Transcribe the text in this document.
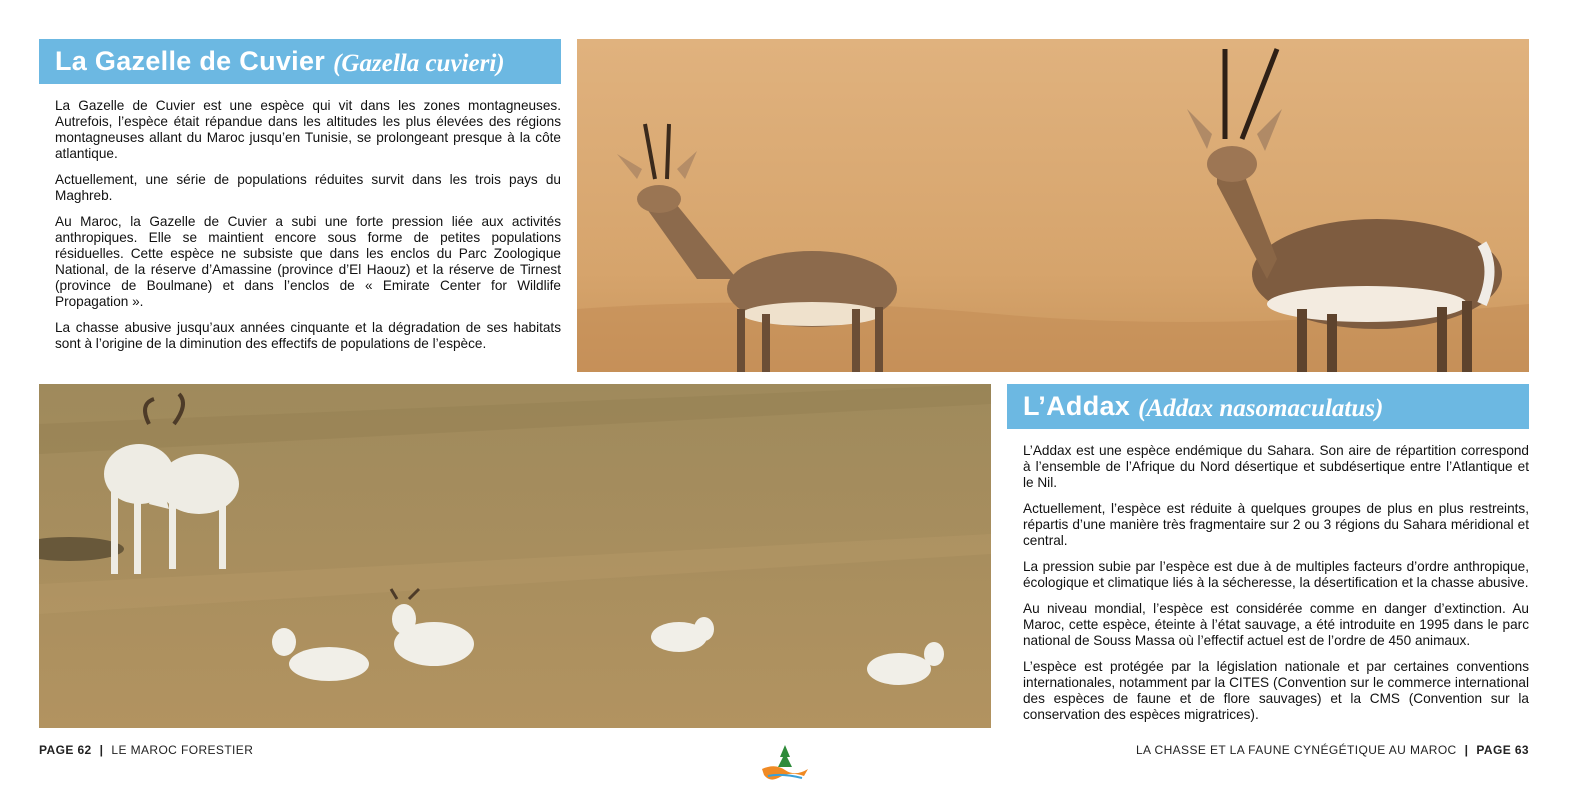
La Gazelle de Cuvier (Gazella cuvieri)

La Gazelle de Cuvier est une espèce qui vit dans les zones montagneuses. Autrefois, l’espèce était répandue dans les altitudes les plus élevées des régions montagneuses allant du Maroc jusqu’en Tunisie, se prolongeant presque à la côte atlantique.

Actuellement, une série de populations réduites survit dans les trois pays du Maghreb.

Au Maroc, la Gazelle de Cuvier a subi une forte pression liée aux activités anthropiques. Elle se maintient encore sous forme de petites populations résiduelles. Cette espèce ne subsiste que dans les enclos du Parc Zoologique National, de la réserve d’Amassine (province d’El Haouz) et la réserve de Tirnest (province de Boulmane) et dans l’enclos de « Emirate Center for Wildlife Propagation ».

La chasse abusive jusqu’aux années cinquante et la dégradation de ses habitats sont à l’origine de la diminution des effectifs de populations de l’espèce.

L’Addax (Addax nasomaculatus)

L’Addax est une espèce endémique du Sahara. Son aire de répartition correspond à l’ensemble de l’Afrique du Nord désertique et subdésertique entre l’Atlantique et le Nil.

Actuellement, l’espèce est réduite à quelques groupes de plus en plus restreints, répartis d’une manière très fragmentaire sur 2 ou 3 régions du Sahara méridional et central.

La pression subie par l’espèce est due à de multiples facteurs d’ordre anthropique, écologique et climatique liés à la sécheresse, la désertification et la chasse abusive.

Au niveau mondial, l’espèce est considérée comme en danger d’extinction. Au Maroc, cette espèce, éteinte à l’état sauvage, a été introduite en 1995 dans le parc national de Souss Massa où l’effectif actuel est de l’ordre de 450 animaux.

L’espèce est protégée par la législation nationale et par certaines conventions internationales, notamment par la CITES (Convention sur le commerce international des espèces de faune et de flore sauvages) et la CMS (Convention sur la conservation des espèces migratrices).

PAGE 62 | LE MAROC FORESTIER	LA CHASSE ET LA FAUNE CYNÉGÉTIQUE AU MAROC | PAGE 63
